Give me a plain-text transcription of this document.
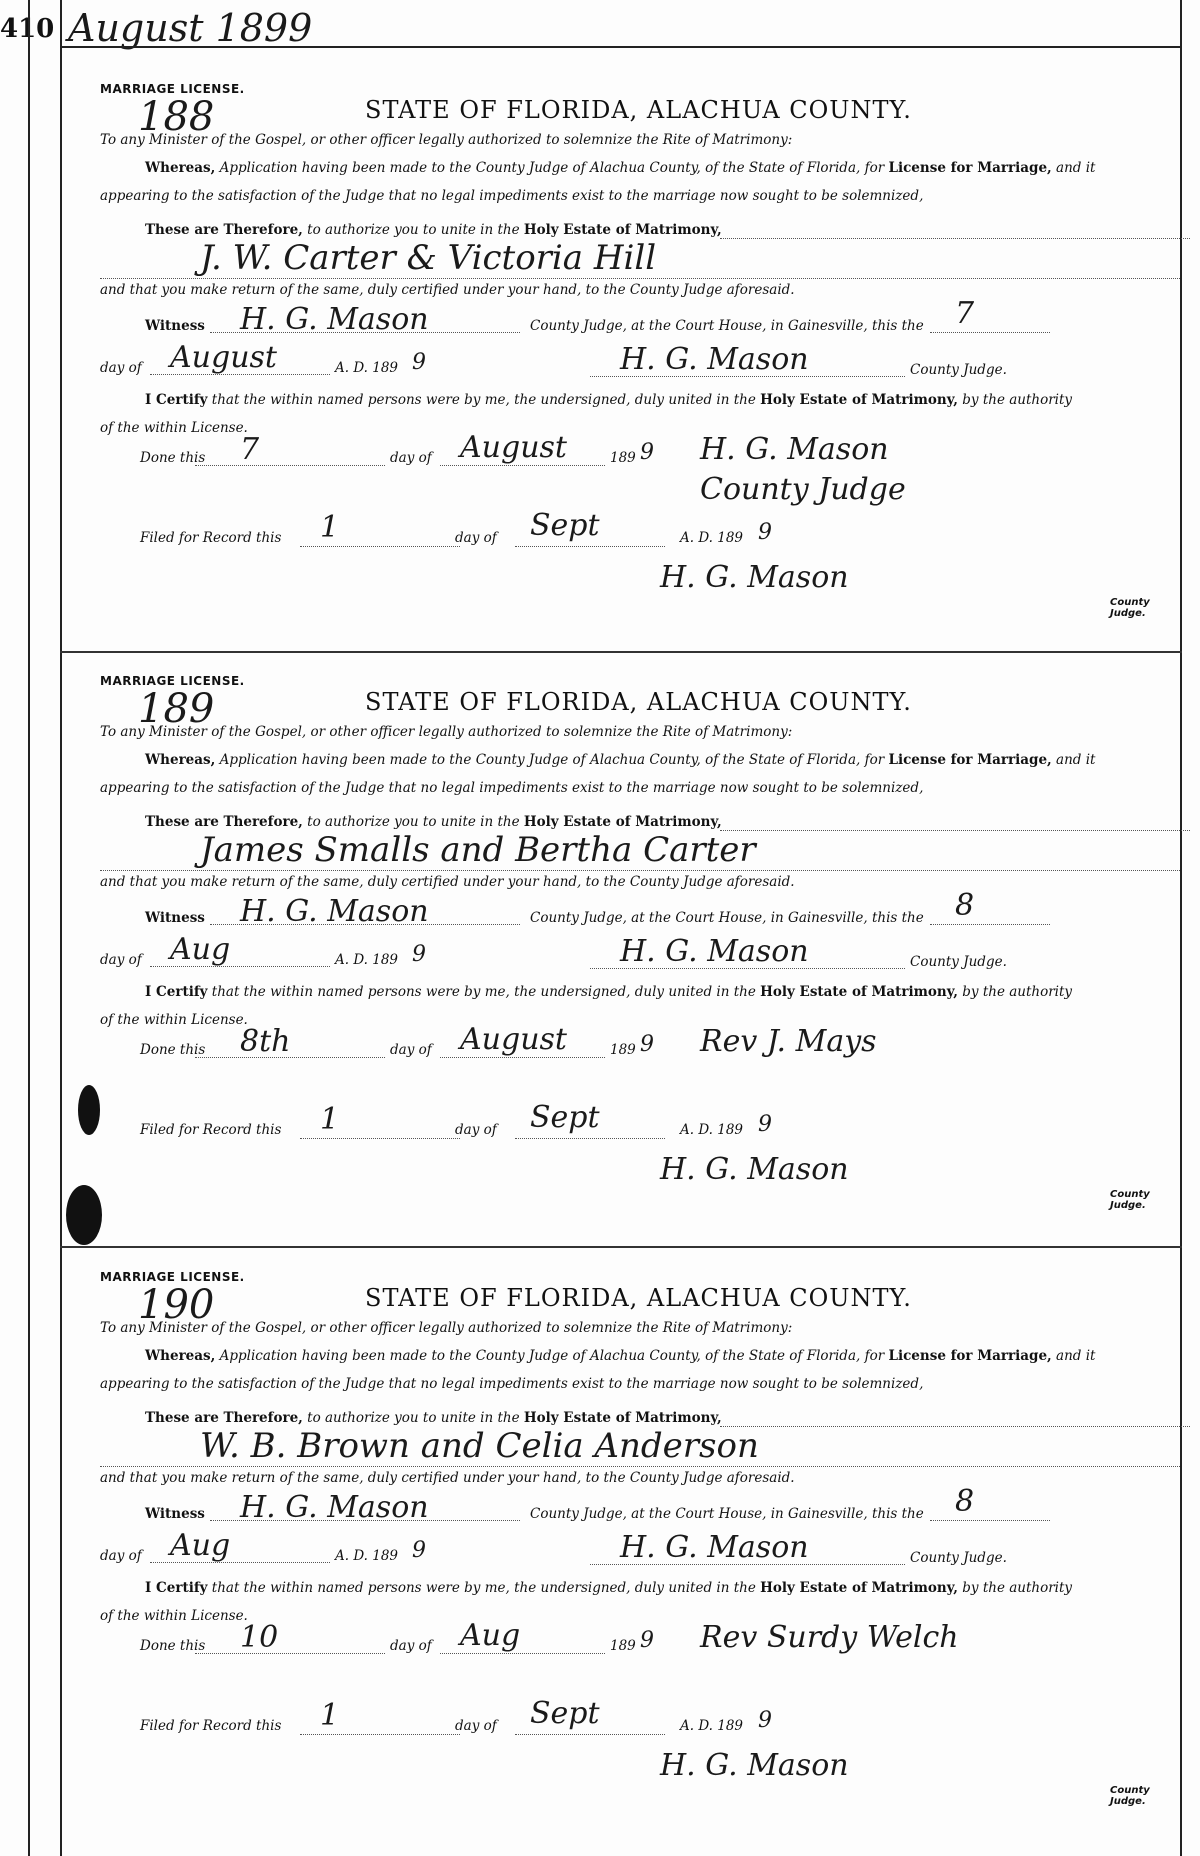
410 August 1899
MARRIAGE LICENSE.
188	STATE OF FLORIDA, ALACHUA COUNTY.
To any Minister of the Gospel, or other officer legally authorized to solemnize the Rite of Matrimony:
Whereas, Application having been made to the County Judge of Alachua County, of the State of Florida, for License for Marriage, and it
appearing to the satisfaction of the Judge that no legal impediments exist to the marriage now sought to be solemnized,
These are Therefore, to authorize you to unite in the Holy Estate of Matrimony,
J. W. Carter & Victoria Hill
and that you make return of the same, duly certified under your hand, to the County Judge aforesaid.
Witness H. G. Mason	County Judge, at the Court House, in Gainesville, this the 7
day of August	A. D. 189 9	H. G. Mason	County Judge.
I Certify that the within named persons were by me, the undersigned, duly united in the Holy Estate of Matrimony, by the authority
of the within License.
Done this 7	day of August	189 9 H. G. Mason
County Judge
Filed for Record this 1	day of Sept	A. D. 189 9
H. G. Mason
County Judge.
MARRIAGE LICENSE.
189	STATE OF FLORIDA, ALACHUA COUNTY.
To any Minister of the Gospel, or other officer legally authorized to solemnize the Rite of Matrimony:
Whereas, Application having been made to the County Judge of Alachua County, of the State of Florida, for License for Marriage, and it
appearing to the satisfaction of the Judge that no legal impediments exist to the marriage now sought to be solemnized,
These are Therefore, to authorize you to unite in the Holy Estate of Matrimony,
James Smalls and Bertha Carter
and that you make return of the same, duly certified under your hand, to the County Judge aforesaid.
Witness H. G. Mason	County Judge, at the Court House, in Gainesville, this the 8
day of Aug	A. D. 189 9	H. G. Mason	County Judge.
I Certify that the within named persons were by me, the undersigned, duly united in the Holy Estate of Matrimony, by the authority
of the within License.
Done this 8th	day of August	189 9 Rev J. Mays
Filed for Record this 1	day of Sept	A. D. 189 9
H. G. Mason
County Judge.
MARRIAGE LICENSE.
190	STATE OF FLORIDA, ALACHUA COUNTY.
To any Minister of the Gospel, or other officer legally authorized to solemnize the Rite of Matrimony:
Whereas, Application having been made to the County Judge of Alachua County, of the State of Florida, for License for Marriage, and it
appearing to the satisfaction of the Judge that no legal impediments exist to the marriage now sought to be solemnized,
These are Therefore, to authorize you to unite in the Holy Estate of Matrimony,
W. B. Brown and Celia Anderson
and that you make return of the same, duly certified under your hand, to the County Judge aforesaid.
Witness H. G. Mason	County Judge, at the Court House, in Gainesville, this the 8
day of Aug	A. D. 189 9	H. G. Mason	County Judge.
I Certify that the within named persons were by me, the undersigned, duly united in the Holy Estate of Matrimony, by the authority
of the within License.
Done this 10	day of Aug	189 9 Rev Surdy Welch
Filed for Record this 1	day of Sept	A. D. 189 9
H. G. Mason
County Judge.
